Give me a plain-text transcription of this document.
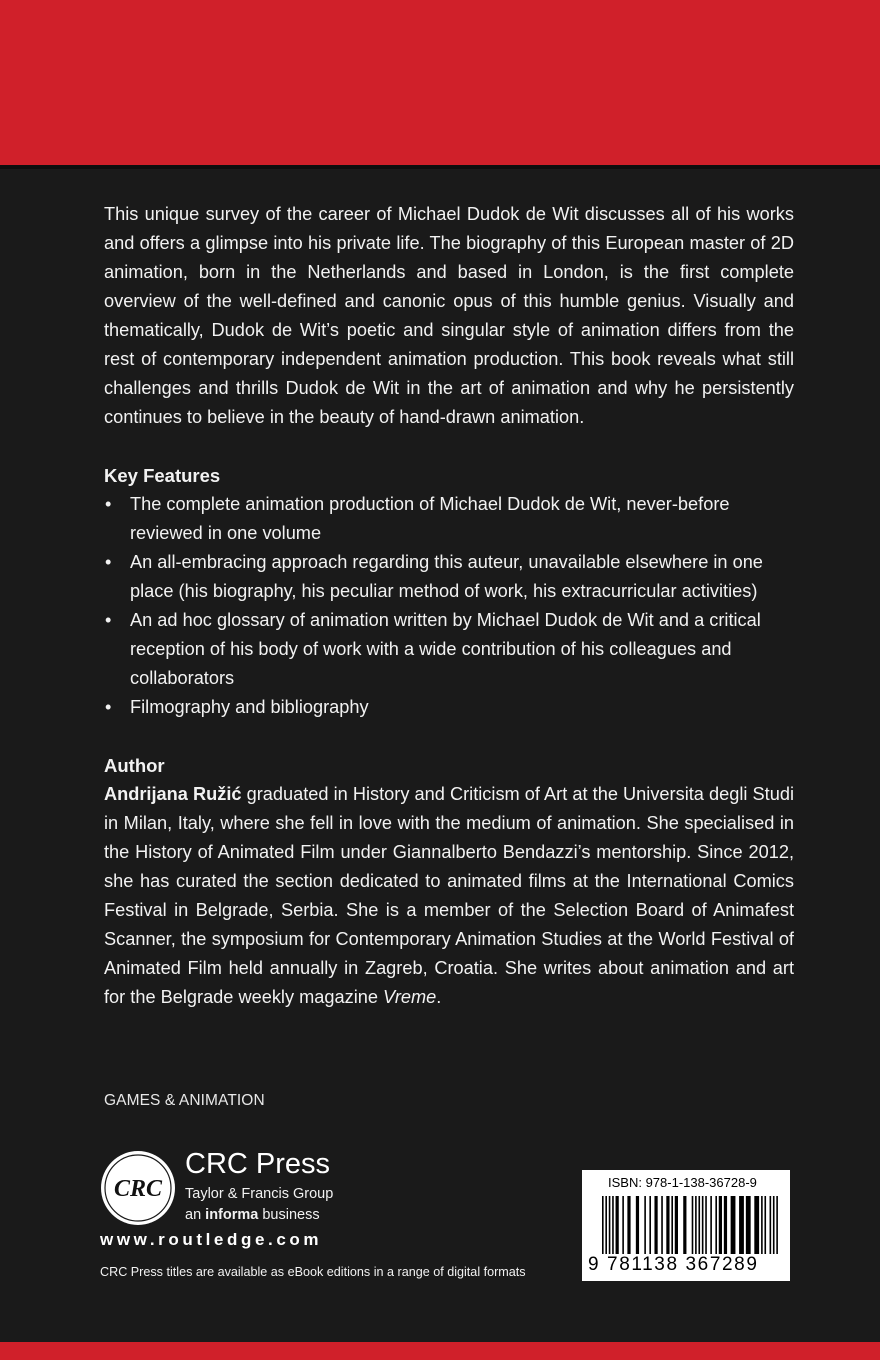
This unique survey of the career of Michael Dudok de Wit discusses all of his works and offers a glimpse into his private life. The biography of this European master of 2D animation, born in the Netherlands and based in London, is the first complete overview of the well-defined and canonic opus of this humble genius. Visually and thematically, Dudok de Wit’s poetic and singular style of animation differs from the rest of contemporary independent animation production. This book reveals what still challenges and thrills Dudok de Wit in the art of animation and why he persistently continues to believe in the beauty of hand-drawn animation.

Key Features
• The complete animation production of Michael Dudok de Wit, never-before reviewed in one volume
• An all-embracing approach regarding this auteur, unavailable elsewhere in one place (his biography, his peculiar method of work, his extracurricular activities)
• An ad hoc glossary of animation written by Michael Dudok de Wit and a critical reception of his body of work with a wide contribution of his colleagues and collaborators
• Filmography and bibliography
Author

Andrijana Ružić graduated in History and Criticism of Art at the Universita degli Studi in Milan, Italy, where she fell in love with the medium of animation. She specialised in the History of Animated Film under Giannalberto Bendazzi’s mentorship. Since 2012, she has curated the section dedicated to animated films at the International Comics Festival in Belgrade, Serbia. She is a member of the Selection Board of Animafest Scanner, the symposium for Contemporary Animation Studies at the World Festival of Animated Film held annually in Zagreb, Croatia. She writes about animation and art for the Belgrade weekly magazine Vreme.

GAMES & ANIMATION
CRC
CRC Press
Taylor & Francis Group
an informa business
www.routledge.com
CRC Press titles are available as eBook editions in a range of digital formats
ISBN: 978-1-138-36728-9
9 781138 367289
